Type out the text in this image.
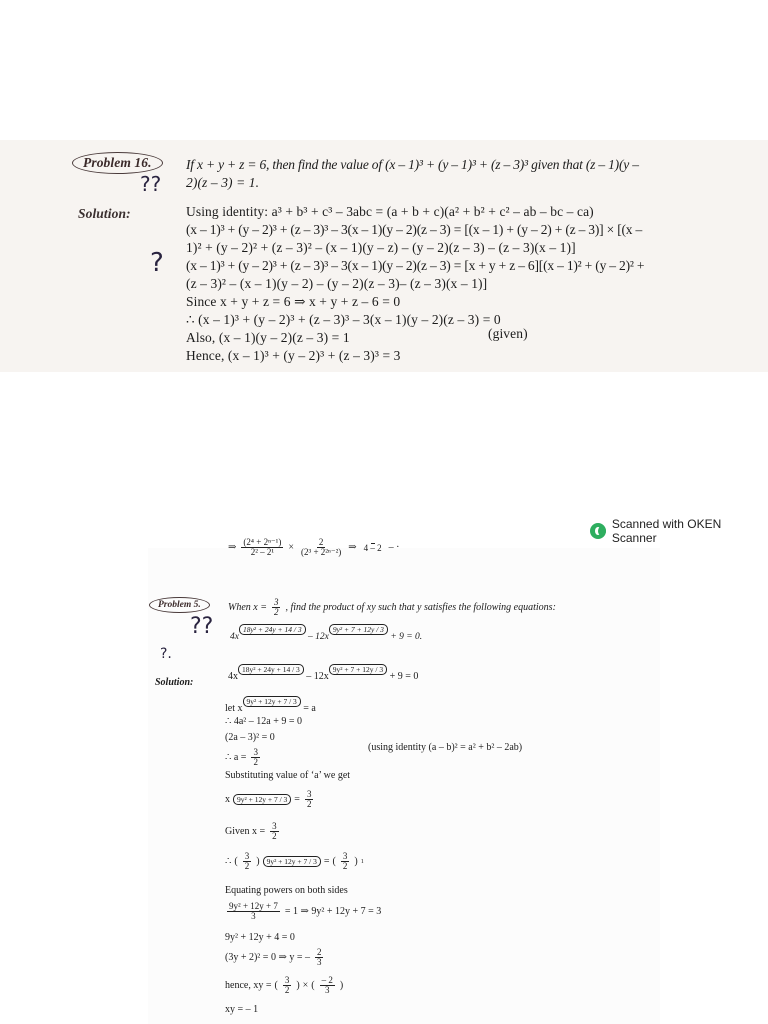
Problem 16.	If x + y + z = 6, then find the value of (x – 1)³ + (y – 1)³ + (z – 3)³ given that (z – 1)(y –
2)(z – 3) = 1.
??
Solution:
?
Using identity: a³ + b³ + c³ – 3abc = (a + b + c)(a² + b² + c² – ab – bc – ca)
(x – 1)³ + (y – 2)³ + (z – 3)³ – 3(x – 1)(y – 2)(z – 3) = [(x – 1) + (y – 2) + (z – 3)] × [(x –
1)² + (y – 2)² + (z – 3)² – (x – 1)(y – z) – (y – 2)(z – 3) – (z – 3)(x – 1)]
(x – 1)³ + (y – 2)³ + (z – 3)³ – 3(x – 1)(y – 2)(z – 3) = [x + y + z – 6][(x – 1)² + (y – 2)² +
(z – 3)² – (x – 1)(y – 2) – (y – 2)(z – 3)– (z – 3)(x – 1)]
Since x + y + z = 6 ⇒ x + y + z – 6 = 0
∴ (x – 1)³ + (y – 2)³ + (z – 3)³ – 3(x – 1)(y – 2)(z – 3) = 0
Also, (x – 1)(y – 2)(z – 3) = 1	(given)
Hence, (x – 1)³ + (y – 2)³ + (z – 3)³ = 3
Scanned with OKEN Scanner
⇒ $\frac{\text{(2⁴ + 2ⁿ⁻¹)}}{\text{2² – 2¹}} \times \frac{2}{\text{(2³ + 2²ⁿ⁻²)}}$ ⇒ 4 – 2 – ·
Problem 5.	When $x = \frac{3}{2}$ , find the product of xy such that y satisfies the following equations:
4x18y² + 24y + 14 / 3 – 12x9y² + 7 + 12y / 3 + 9 = 0.
??
?.
Solution:
4x18y² + 24y + 14 / 3 – 12x9y² + 7 + 12y / 3 + 9 = 0
let x9y² + 12y + 7 / 3 = a
∴ 4a² – 12a + 9 = 0
(2a – 3)² = 0
(using identity (a – b)² = a² + b² – 2ab)
∴ $a = \frac{3}{2}$
Substituting value of ‘a’ we get
x $9y^2 + 12y + 7 / 3 = \frac{3}{2}$
Given $x = \frac{3}{2}$
∴ ( $\frac{3}{2}$ ) 9y² + 12y + 7 / 3 = ( $\frac{3}{2}$ ) 1
Equating powers on both sides
$\frac{\text{9y² + 12y + 7}}{3} = 1$ ⇒ 9y² + 12y + 7 = 3
9y² + 12y + 4 = 0
(3y + 2)² = 0 ⇒ y = – $\frac{2}{3}$
hence, xy = ( $\frac{3}{2}$ ) × ( $\frac{- 2}{3}$ )
xy = – 1
